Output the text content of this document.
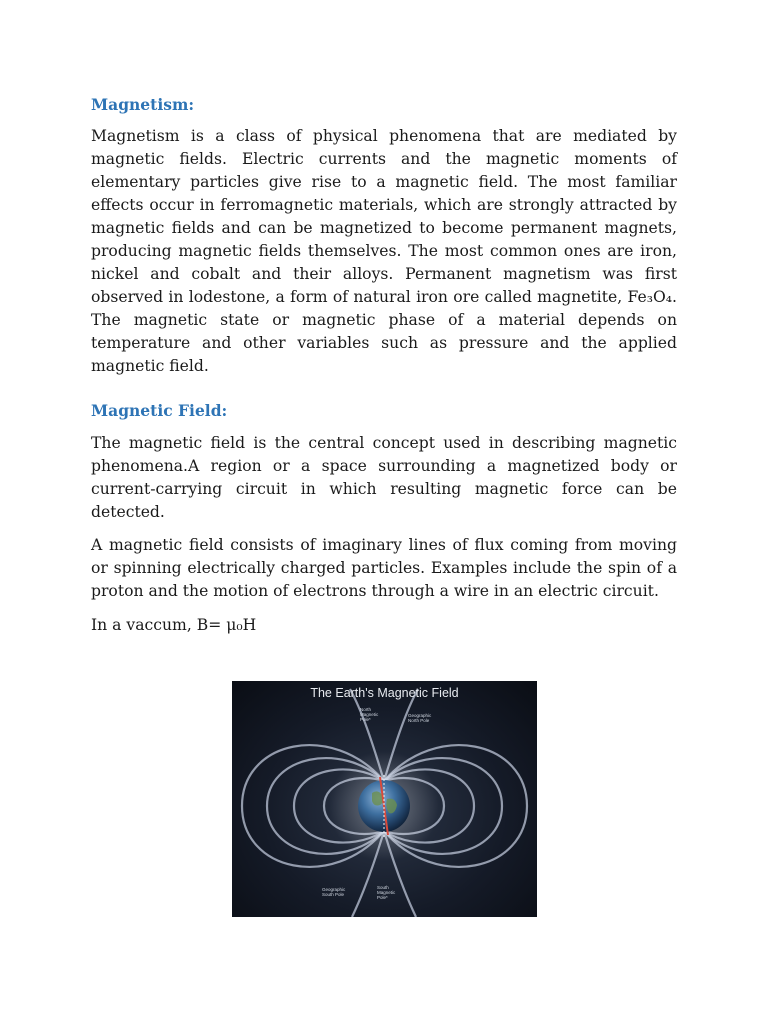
Magnetism:

Magnetism is a class of physical phenomena that are mediated by magnetic fields. Electric currents and the magnetic moments of elementary particles give rise to a magnetic field. The most familiar effects occur in ferromagnetic materials, which are strongly attracted by magnetic fields and can be magnetized to become permanent magnets, producing magnetic fields themselves. The most common ones are iron, nickel and cobalt and their alloys. Permanent magnetism was first observed in lodestone, a form of natural iron ore called magnetite, Fe₃O₄. The magnetic state or magnetic phase of a material depends on temperature and other variables such as pressure and the applied magnetic field.

Magnetic Field:

The magnetic field is the central concept used in describing magnetic phenomena.A region or a space surrounding a magnetized body or current-carrying circuit in which resulting magnetic force can be detected.

A magnetic field consists of imaginary lines of flux coming from moving or spinning electrically charged particles. Examples include the spin of a proton and the motion of electrons through a wire in an electric circuit.

In a vaccum, B= μ₀H

The Earth's Magnetic Field
North
Magnetic
Pole*
Geographic
North Pole
Geographic
South Pole
South
Magnetic
Pole*
